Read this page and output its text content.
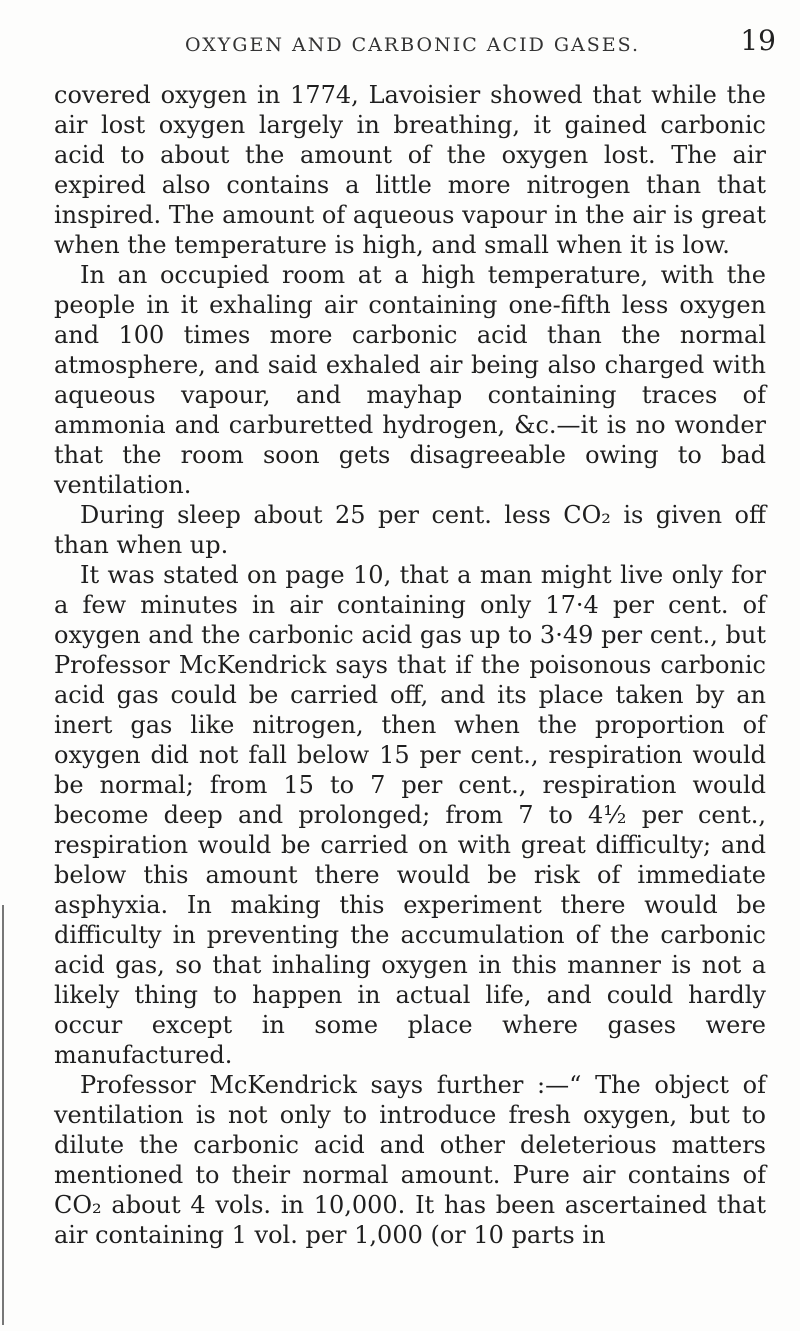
OXYGEN AND CARBONIC ACID GASES.	19

covered oxygen in 1774, Lavoisier showed that while the air lost oxygen largely in breathing, it gained carbonic acid to about the amount of the oxygen lost. The air expired also contains a little more nitrogen than that inspired. The amount of aqueous vapour in the air is great when the temperature is high, and small when it is low.

In an occupied room at a high temperature, with the people in it exhaling air containing one-fifth less oxygen and 100 times more carbonic acid than the normal atmosphere, and said exhaled air being also charged with aqueous vapour, and mayhap containing traces of ammonia and carburetted hydrogen, &c.—it is no wonder that the room soon gets disagreeable owing to bad ventilation.

During sleep about 25 per cent. less CO₂ is given off than when up.

It was stated on page 10, that a man might live only for a few minutes in air containing only 17·4 per cent. of oxygen and the carbonic acid gas up to 3·49 per cent., but Professor McKendrick says that if the poisonous carbonic acid gas could be carried off, and its place taken by an inert gas like nitrogen, then when the proportion of oxygen did not fall below 15 per cent., respiration would be normal; from 15 to 7 per cent., respiration would become deep and prolonged; from 7 to 4½ per cent., respiration would be carried on with great difficulty; and below this amount there would be risk of immediate asphyxia. In making this experiment there would be difficulty in preventing the accumulation of the carbonic acid gas, so that inhaling oxygen in this manner is not a likely thing to happen in actual life, and could hardly occur except in some place where gases were manufactured.

Professor McKendrick says further :—“ The object of ventilation is not only to introduce fresh oxygen, but to dilute the carbonic acid and other deleterious matters mentioned to their normal amount. Pure air contains of CO₂ about 4 vols. in 10,000. It has been ascertained that air containing 1 vol. per 1,000 (or 10 parts in
